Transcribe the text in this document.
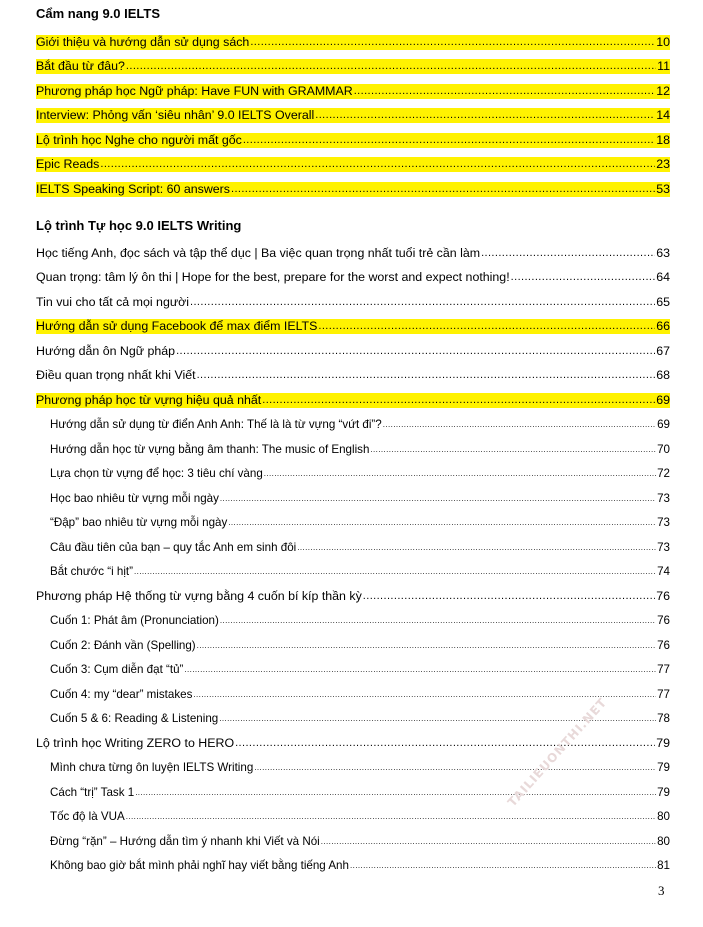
Cẩm nang 9.0 IELTS
Giới thiệu và hướng dẫn sử dụng sách .....	10
Bắt đầu từ đâu? .....	11
Phương pháp học Ngữ pháp: Have FUN with GRAMMAR .....	12
Interview: Phỏng vấn ‘siêu nhân’ 9.0 IELTS Overall .....	14
Lộ trình học Nghe cho người mất gốc .....	18
Epic Reads .....	23
IELTS Speaking Script: 60 answers .....	53
Lộ trình Tự học 9.0 IELTS Writing
Học tiếng Anh, đọc sách và tập thể dục | Ba việc quan trọng nhất tuổi trẻ cần làm .....	63
Quan trọng: tâm lý ôn thi | Hope for the best, prepare for the worst and expect nothing! .....	64
Tin vui cho tất cả mọi người .....	65
Hướng dẫn sử dụng Facebook để max điểm IELTS .....	66
Hướng dẫn ôn Ngữ pháp .....	67
Điều quan trọng nhất khi Viết .....	68
Phương pháp học từ vựng hiệu quả nhất .....	69
Hướng dẫn sử dụng từ điển Anh Anh: Thế là là từ vựng “vứt đi”? .....	69
Hướng dẫn học từ vựng bằng âm thanh: The music of English .....	70
Lựa chọn từ vựng để học: 3 tiêu chí vàng .....	72
Học bao nhiêu từ vựng mỗi ngày .....	73
“Đập” bao nhiêu từ vựng mỗi ngày .....	73
Câu đầu tiên của bạn – quy tắc Anh em sinh đôi .....	73
Bắt chước “i hịt” .....	74
Phương pháp Hệ thống từ vựng bằng 4 cuốn bí kíp thần kỳ .....	76
Cuốn 1: Phát âm (Pronunciation) .....	76
Cuốn 2: Đánh vần (Spelling) .....	76
Cuốn 3: Cụm diễn đạt “tủ” .....	77
Cuốn 4: my “dear” mistakes .....	77
Cuốn 5 & 6: Reading & Listening .....	78
Lộ trình học Writing ZERO to HERO .....	79
Mình chưa từng ôn luyện IELTS Writing .....	79
Cách “trị” Task 1 .....	79
Tốc độ là VUA .....	80
Đừng “rặn” – Hướng dẫn tìm ý nhanh khi Viết và Nói .....	80
Không bao giờ bắt mình phải nghĩ hay viết bằng tiếng Anh .....	81
TAILIEUONTHI.NET
3
